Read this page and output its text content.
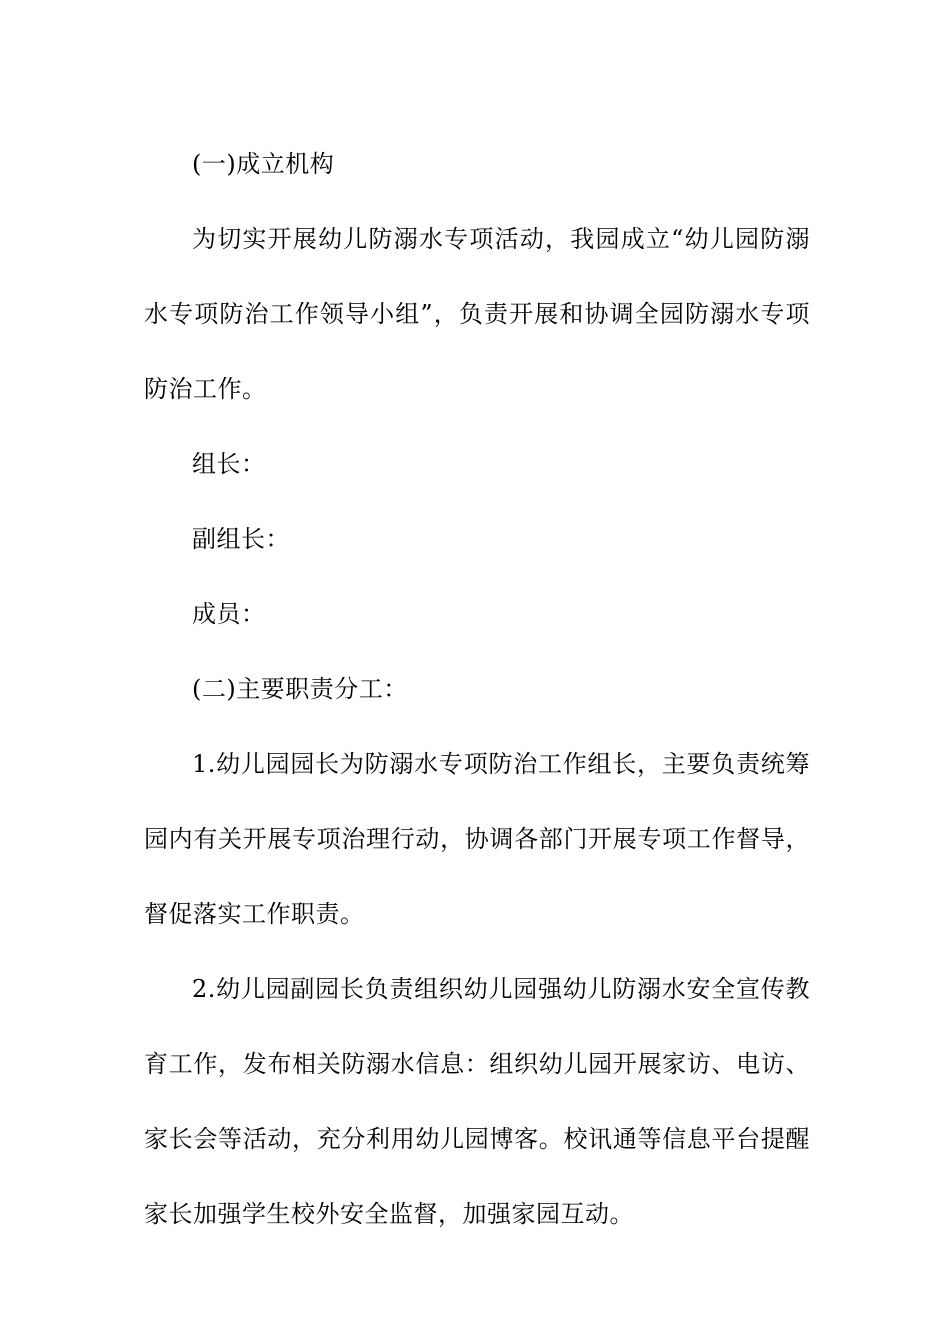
(一)成立机构

为切实开展幼儿防溺水专项活动，我园成立“幼儿园防溺水专项防治工作领导小组”，负责开展和协调全园防溺水专项防治工作。

组长：

副组长：

成员：

(二)主要职责分工：

1.幼儿园园长为防溺水专项防治工作组长，主要负责统筹园内有关开展专项治理行动，协调各部门开展专项工作督导，督促落实工作职责。

2.幼儿园副园长负责组织幼儿园强幼儿防溺水安全宣传教育工作，发布相关防溺水信息：组织幼儿园开展家访、电访、家长会等活动，充分利用幼儿园博客。校讯通等信息平台提醒家长加强学生校外安全监督，加强家园互动。
